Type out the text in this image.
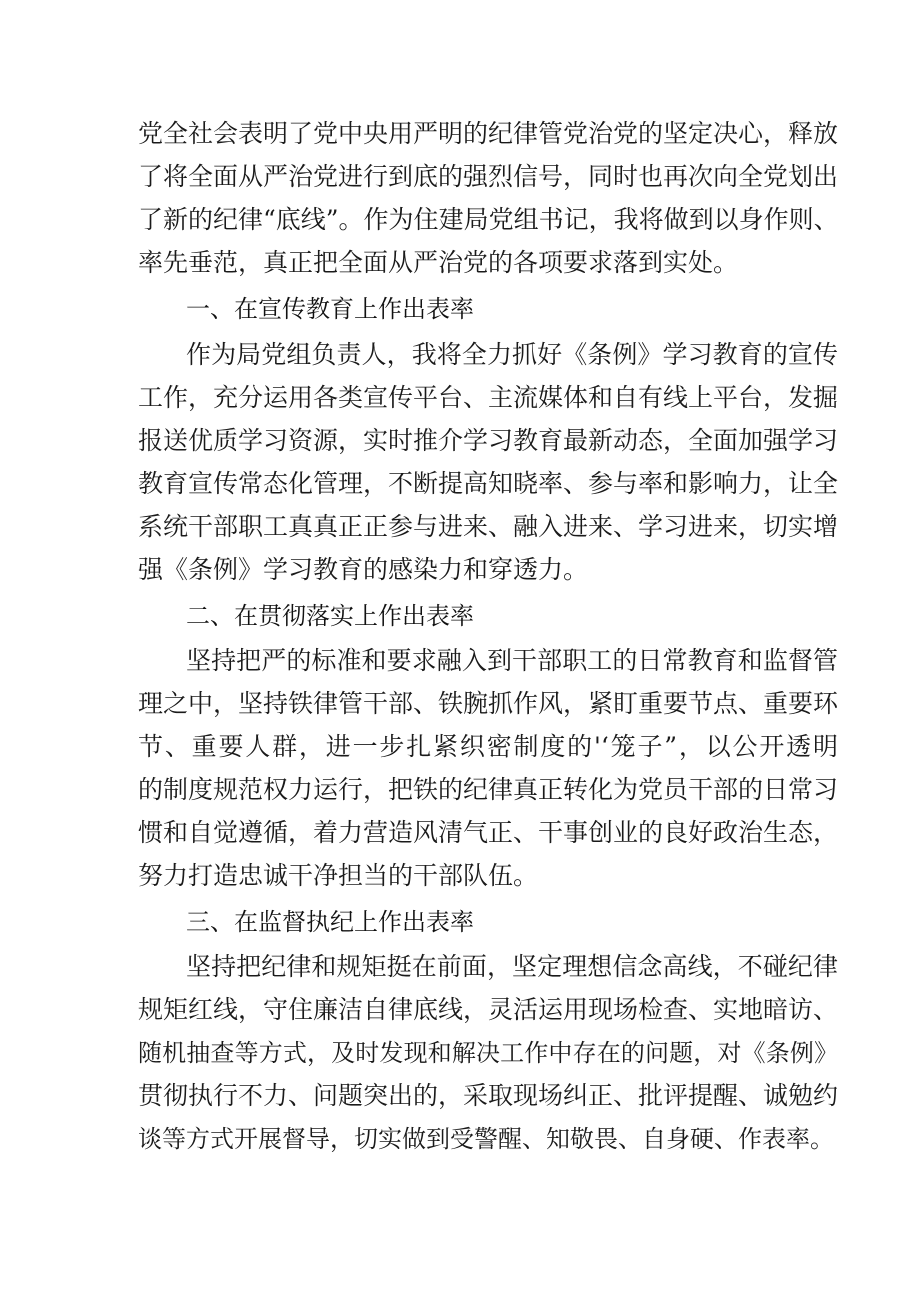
党全社会表明了党中央用严明的纪律管党治党的坚定决心，释放
了将全面从严治党进行到底的强烈信号，同时也再次向全党划出
了新的纪律“底线”。作为住建局党组书记，我将做到以身作则、
率先垂范，真正把全面从严治党的各项要求落到实处。
一、在宣传教育上作出表率
作为局党组负责人，我将全力抓好《条例》学习教育的宣传
工作，充分运用各类宣传平台、主流媒体和自有线上平台，发掘
报送优质学习资源，实时推介学习教育最新动态，全面加强学习
教育宣传常态化管理，不断提高知晓率、参与率和影响力，让全
系统干部职工真真正正参与进来、融入进来、学习进来，切实增
强《条例》学习教育的感染力和穿透力。
二、在贯彻落实上作出表率
坚持把严的标准和要求融入到干部职工的日常教育和监督管
理之中，坚持铁律管干部、铁腕抓作风，紧盯重要节点、重要环
节、重要人群，进一步扎紧织密制度的'‘笼子”，以公开透明
的制度规范权力运行，把铁的纪律真正转化为党员干部的日常习
惯和自觉遵循，着力营造风清气正、干事创业的良好政治生态，
努力打造忠诚干净担当的干部队伍。
三、在监督执纪上作出表率
坚持把纪律和规矩挺在前面，坚定理想信念高线，不碰纪律
规矩红线，守住廉洁自律底线，灵活运用现场检查、实地暗访、
随机抽查等方式，及时发现和解决工作中存在的问题，对《条例》
贯彻执行不力、问题突出的，采取现场纠正、批评提醒、诚勉约
谈等方式开展督导，切实做到受警醒、知敬畏、自身硬、作表率。
